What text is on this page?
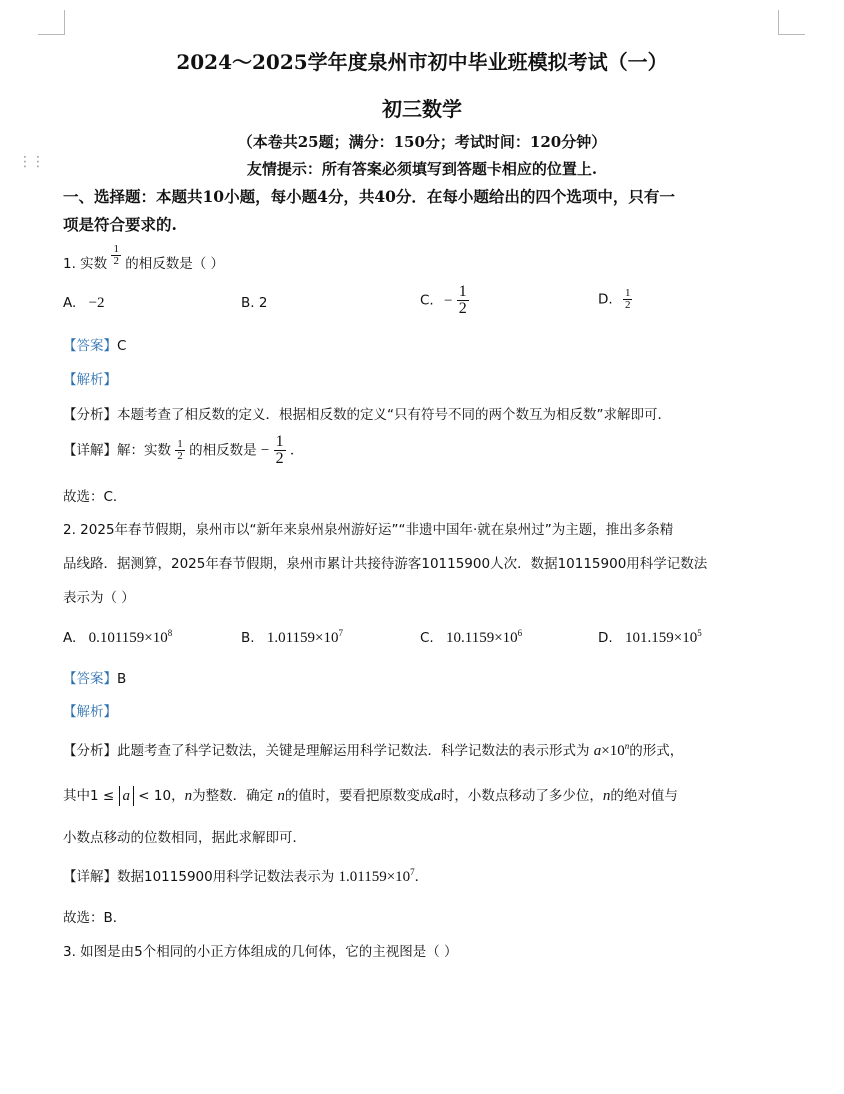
⋮⋮
2024～2025学年度泉州市初中毕业班模拟考试（一）
初三数学
（本卷共25题；满分：150分；考试时间：120分钟）
友情提示：所有答案必须填写到答题卡相应的位置上.
一、选择题：本题共10小题，每小题4分，共40分．在每小题给出的四个选项中，只有一
项是符合要求的.
1. 实数 $\frac{1}{2}$ 的相反数是（ ）
A. −2	B. 2	C. − $\frac{1}{2}$	D. $\frac{1}{2}$
【答案】C
【解析】
【分析】本题考查了相反数的定义．根据相反数的定义“只有符号不同的两个数互为相反数”求解即可．
【详解】解：实数 $\frac{1}{2}$ 的相反数是 − $\frac{1}{2}$ ．
故选：C．
2. 2025年春节假期，泉州市以“新年来泉州泉州游好运”“非遗中国年·就在泉州过”为主题，推出多条精
品线路．据测算，2025年春节假期，泉州市累计共接待游客10115900人次．数据10115900用科学记数法
表示为（ ）
A. $0.101159\times 10^8$	B. $1.01159\times 10^7$	C. $10.1159\times 10^6$	D. $101.159\times 10^5$
【答案】B
【解析】
【分析】此题考查了科学记数法，关键是理解运用科学记数法．科学记数法的表示形式为 $a\times 10^n$的形式，
其中1 ≤ a < 10，n为整数．确定 n的值时，要看把原数变成a时，小数点移动了多少位，n的绝对值与
小数点移动的位数相同，据此求解即可．
【详解】数据10115900用科学记数法表示为 $1.01159\times 10^7$．
故选：B．
3. 如图是由5个相同的小正方体组成的几何体，它的主视图是（ ）
